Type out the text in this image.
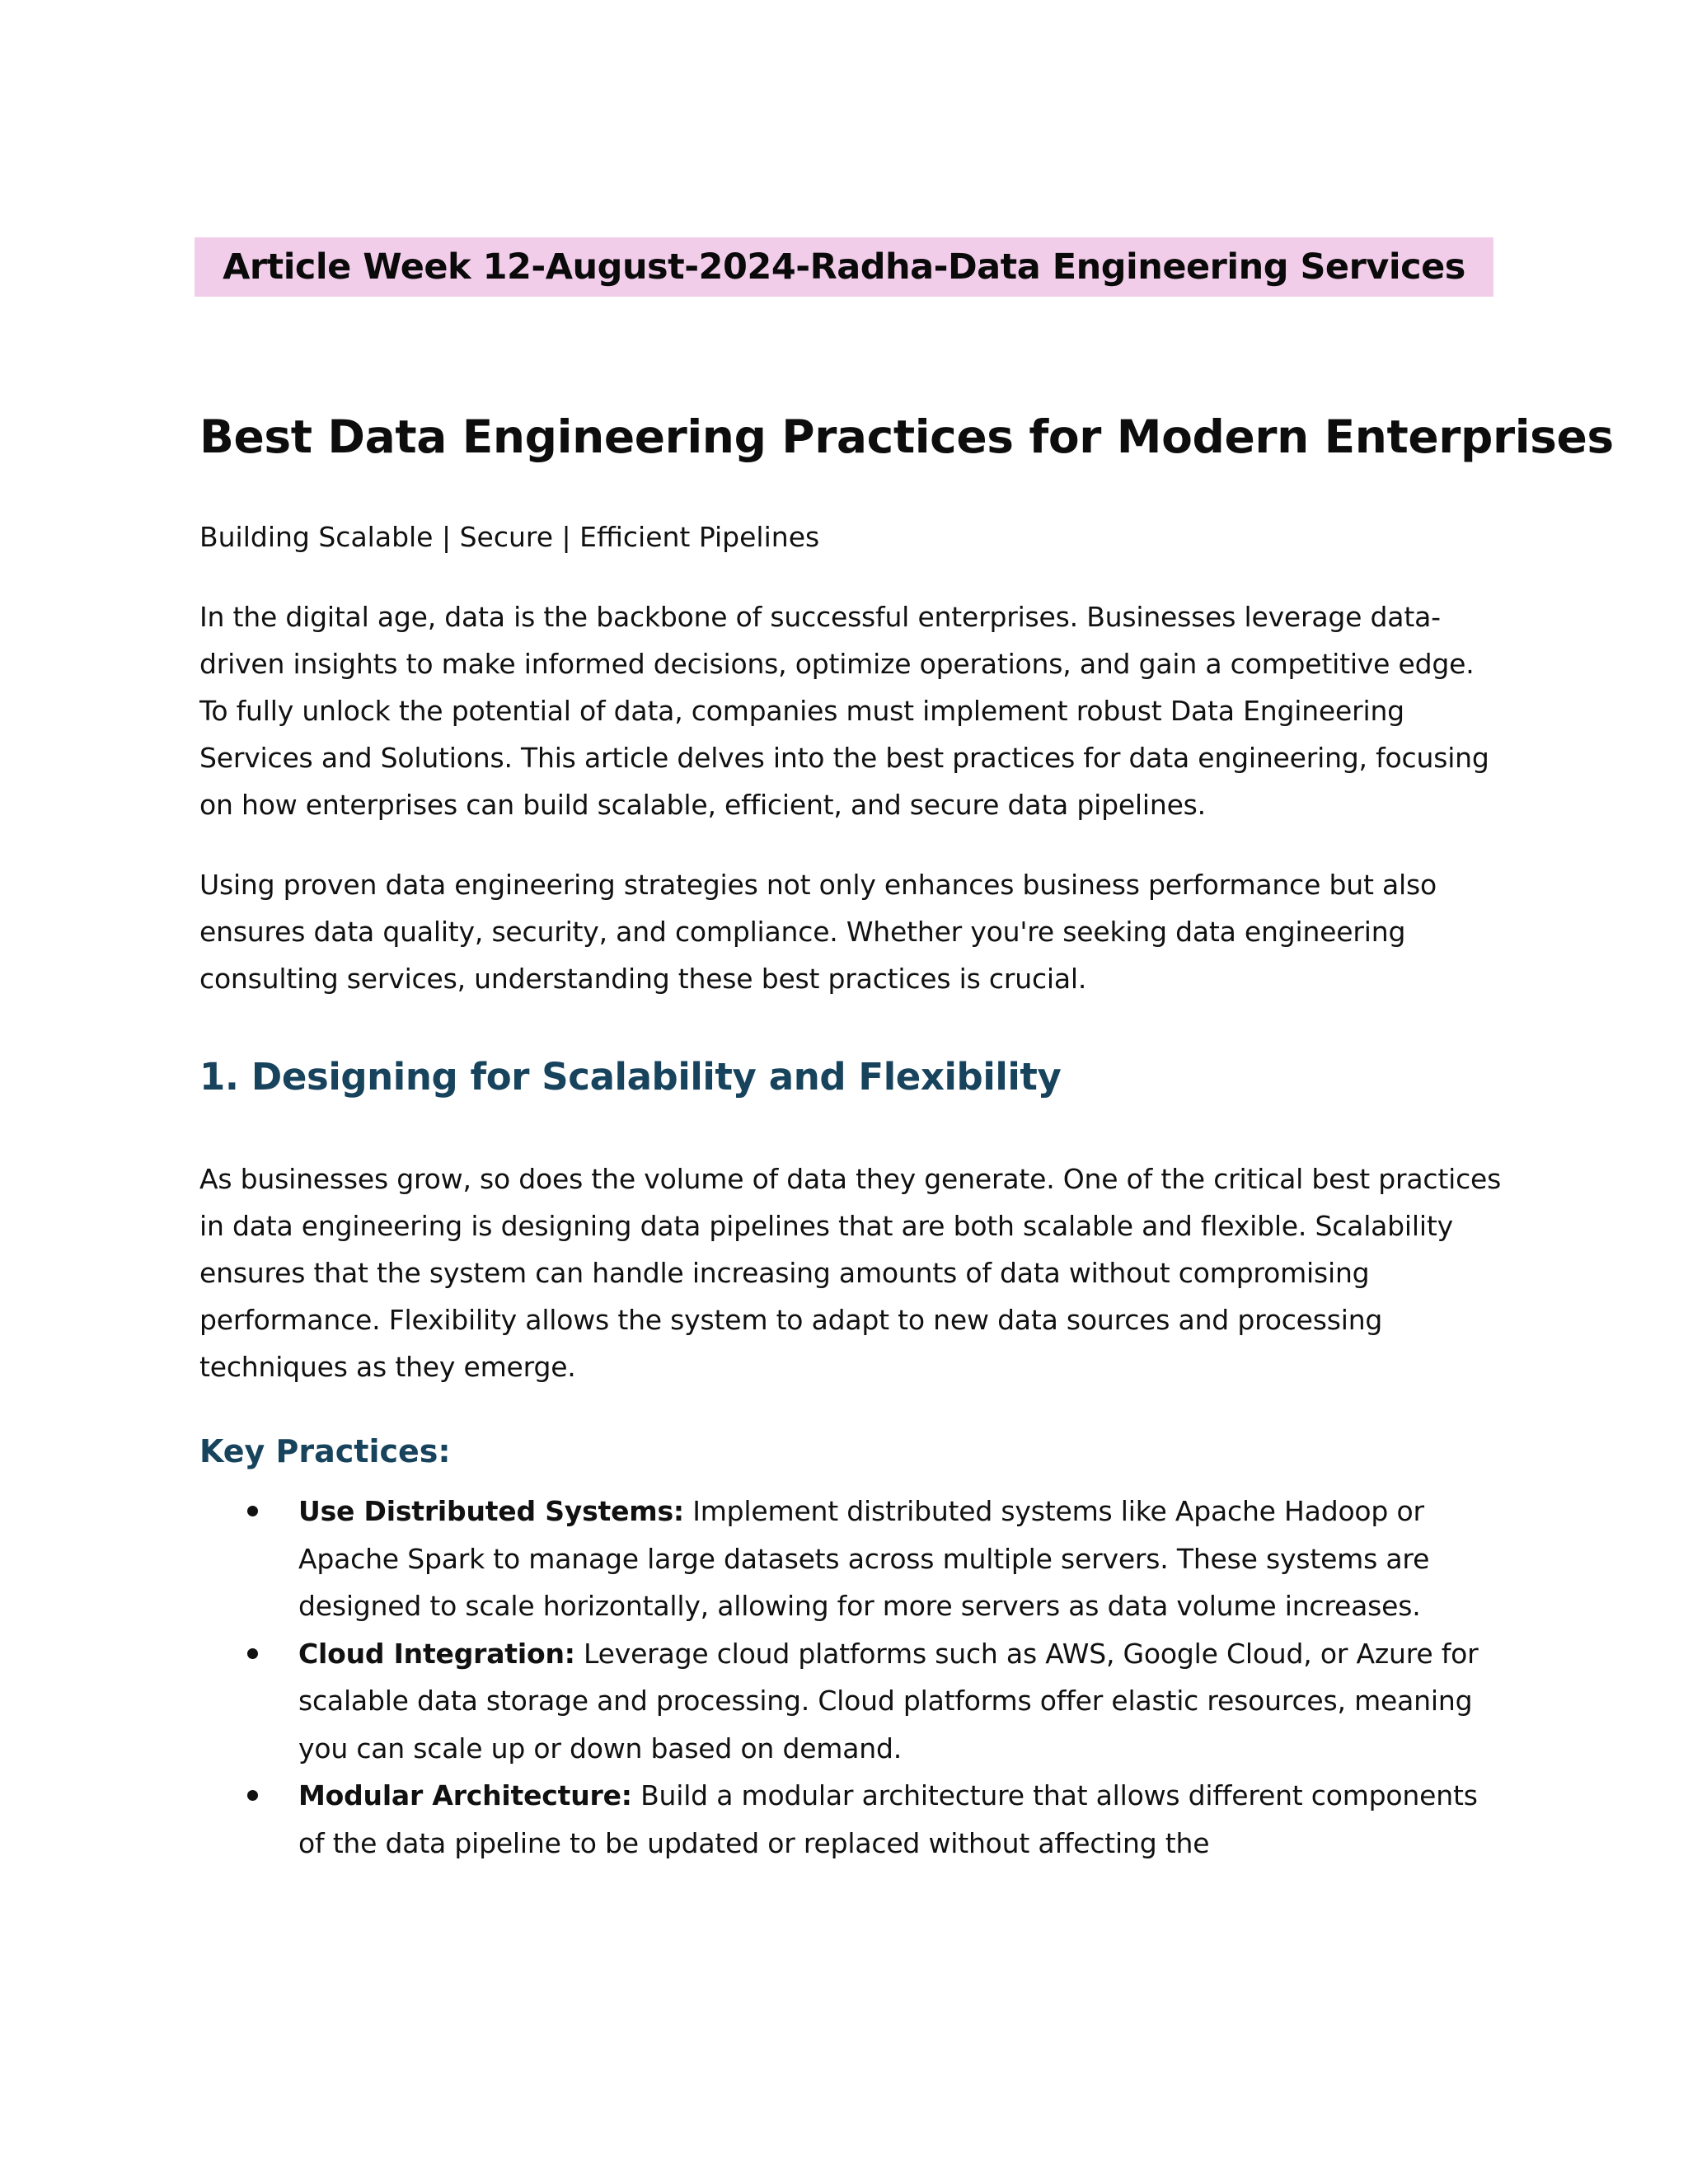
Article Week 12-August-2024-Radha-Data Engineering Services
Best Data Engineering Practices for Modern Enterprises

Building Scalable | Secure | Efficient Pipelines

In the digital age, data is the backbone of successful enterprises. Businesses leverage data-driven insights to make informed decisions, optimize operations, and gain a competitive edge. To fully unlock the potential of data, companies must implement robust Data Engineering Services and Solutions. This article delves into the best practices for data engineering, focusing on how enterprises can build scalable, efficient, and secure data pipelines.

Using proven data engineering strategies not only enhances business performance but also ensures data quality, security, and compliance. Whether you're seeking data engineering consulting services, understanding these best practices is crucial.

1. Designing for Scalability and Flexibility

As businesses grow, so does the volume of data they generate. One of the critical best practices in data engineering is designing data pipelines that are both scalable and flexible. Scalability ensures that the system can handle increasing amounts of data without compromising performance. Flexibility allows the system to adapt to new data sources and processing techniques as they emerge.

Key Practices:
Use Distributed Systems: Implement distributed systems like Apache Hadoop or Apache Spark to manage large datasets across multiple servers. These systems are designed to scale horizontally, allowing for more servers as data volume increases.
Cloud Integration: Leverage cloud platforms such as AWS, Google Cloud, or Azure for scalable data storage and processing. Cloud platforms offer elastic resources, meaning you can scale up or down based on demand.
Modular Architecture: Build a modular architecture that allows different components of the data pipeline to be updated or replaced without affecting the
